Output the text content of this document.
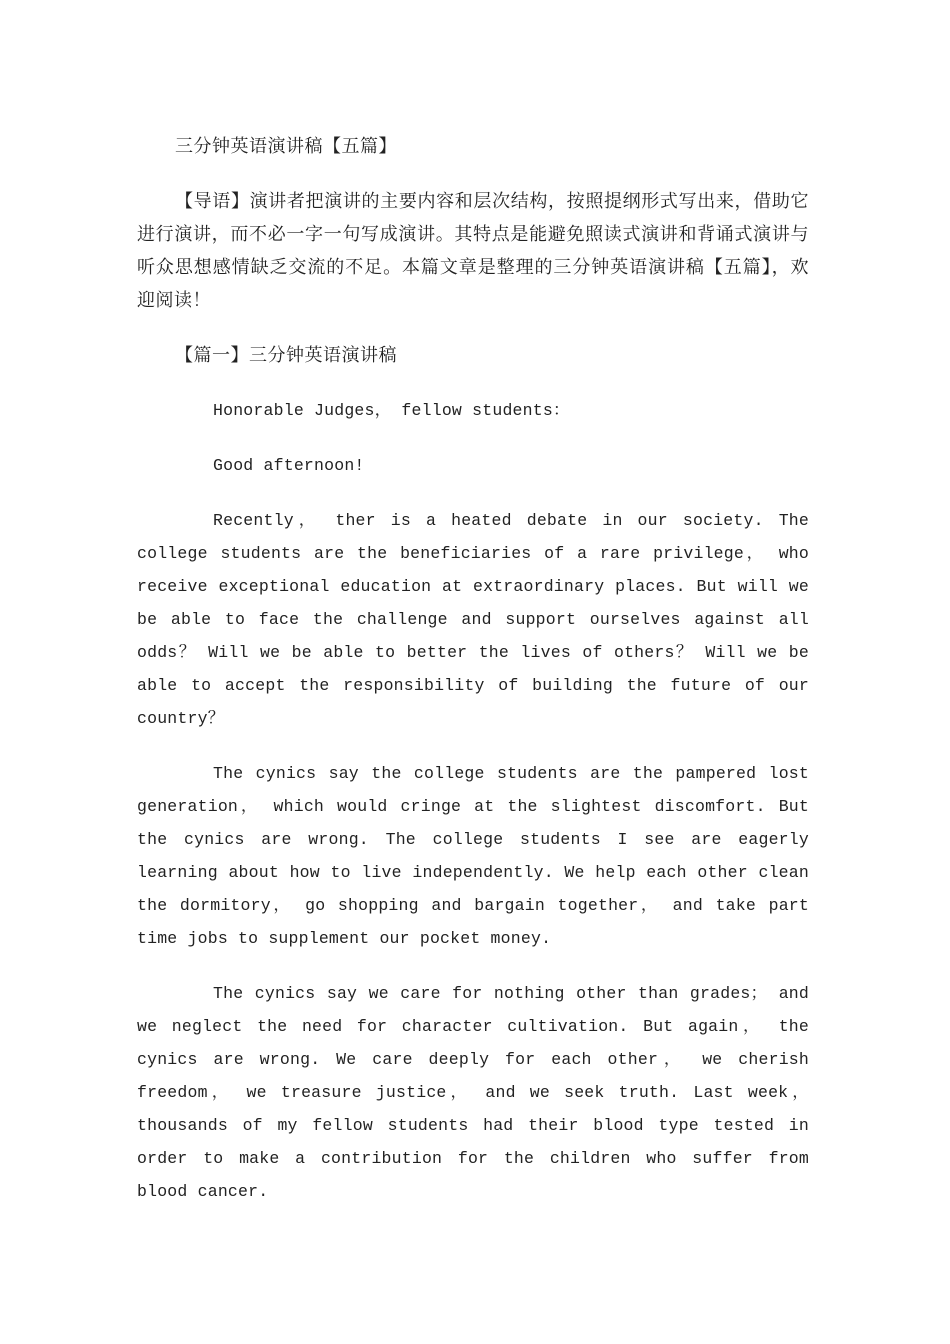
三分钟英语演讲稿【五篇】

【导语】演讲者把演讲的主要内容和层次结构，按照提纲形式写出来，借助它进行演讲，而不必一字一句写成演讲。其特点是能避免照读式演讲和背诵式演讲与听众思想感情缺乏交流的不足。本篇文章是整理的三分钟英语演讲稿【五篇】，欢迎阅读！

【篇一】三分钟英语演讲稿

Honorable Judges， fellow students：

Good afternoon!

Recently， ther is a heated debate in our society. The college students are the beneficiaries of a rare privilege， who receive exceptional education at extraordinary places. But will we be able to face the challenge and support ourselves against all odds？ Will we be able to better the lives of others？ Will we be able to accept the responsibility of building the future of our country？

The cynics say the college students are the pampered lost generation， which would cringe at the slightest discomfort. But the cynics are wrong. The college students I see are eagerly learning about how to live independently. We help each other clean the dormitory， go shopping and bargain together， and take part time jobs to supplement our pocket money.

The cynics say we care for nothing other than grades； and we neglect the need for character cultivation. But again， the cynics are wrong. We care deeply for each other， we cherish freedom， we treasure justice， and we seek truth. Last week， thousands of my fellow students had their blood type tested in order to make a contribution for the children who suffer from blood cancer.
